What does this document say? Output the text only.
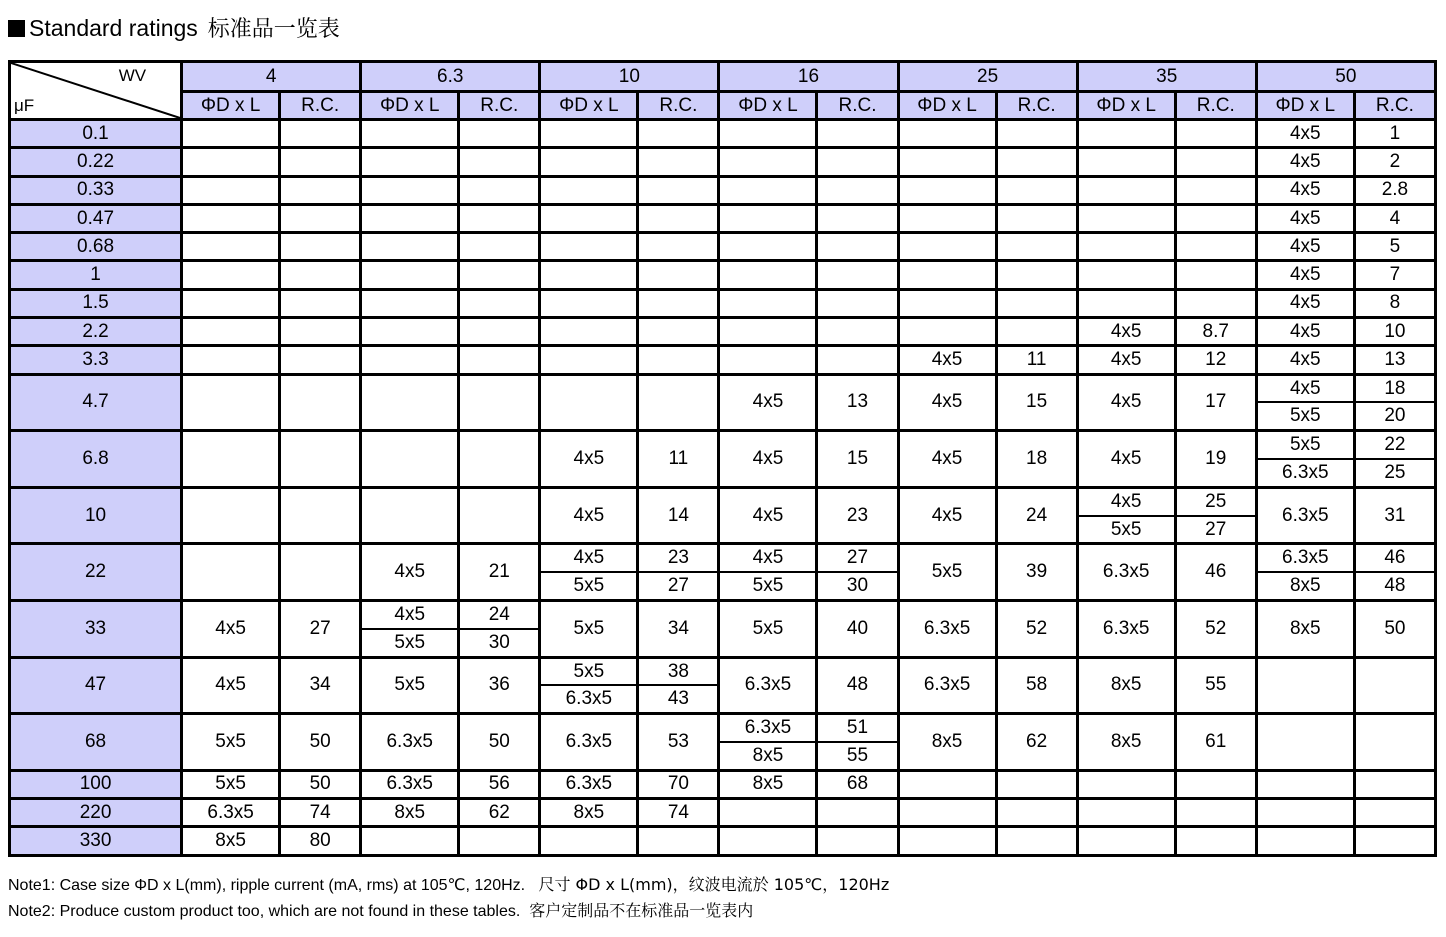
Standard ratings 标准品一览表
WV
μF	4		6.3		10		16		25		35		50	
	ΦD x L	R.C.	ΦD x L	R.C.	ΦD x L	R.C.	ΦD x L	R.C.	ΦD x L	R.C.	ΦD x L	R.C.	ΦD x L	R.C.
0.1													4x5	1
0.22													4x5	2
0.33													4x5	2.8
0.47													4x5	4
0.68													4x5	5
1													4x5	7
1.5													4x5	8
2.2											4x5	8.7	4x5	10
3.3									4x5	11	4x5	12	4x5	13
4.7							4x5	13	4x5	15	4x5	17	4x5	18
													5x5	20
6.8					4x5	11	4x5	15	4x5	18	4x5	19	5x5	22
													6.3x5	25
10					4x5	14	4x5	23	4x5	24	4x5	25	6.3x5	31
											5x5	27		
22			4x5	21	4x5	23	4x5	27	5x5	39	6.3x5	46	6.3x5	46
					5x5	27	5x5	30					8x5	48
33	4x5	27	4x5	24	5x5	34	5x5	40	6.3x5	52	6.3x5	52	8x5	50
			5x5	30										
47	4x5	34	5x5	36	5x5	38	6.3x5	48	6.3x5	58	8x5	55		
					6.3x5	43								
68	5x5	50	6.3x5	50	6.3x5	53	6.3x5	51	8x5	62	8x5	61		
							8x5	55						
100	5x5	50	6.3x5	56	6.3x5	70	8x5	68						
220	6.3x5	74	8x5	62	8x5	74								
330	8x5	80												
Note1: Case size ΦD x L(mm), ripple current (mA, rms) at 105℃, 120Hz. 尺寸 ΦD x L(mm)，纹波电流於 105℃，120Hz
Note2: Produce custom product too, which are not found in these tables. 客户定制品不在标准品一览表内
